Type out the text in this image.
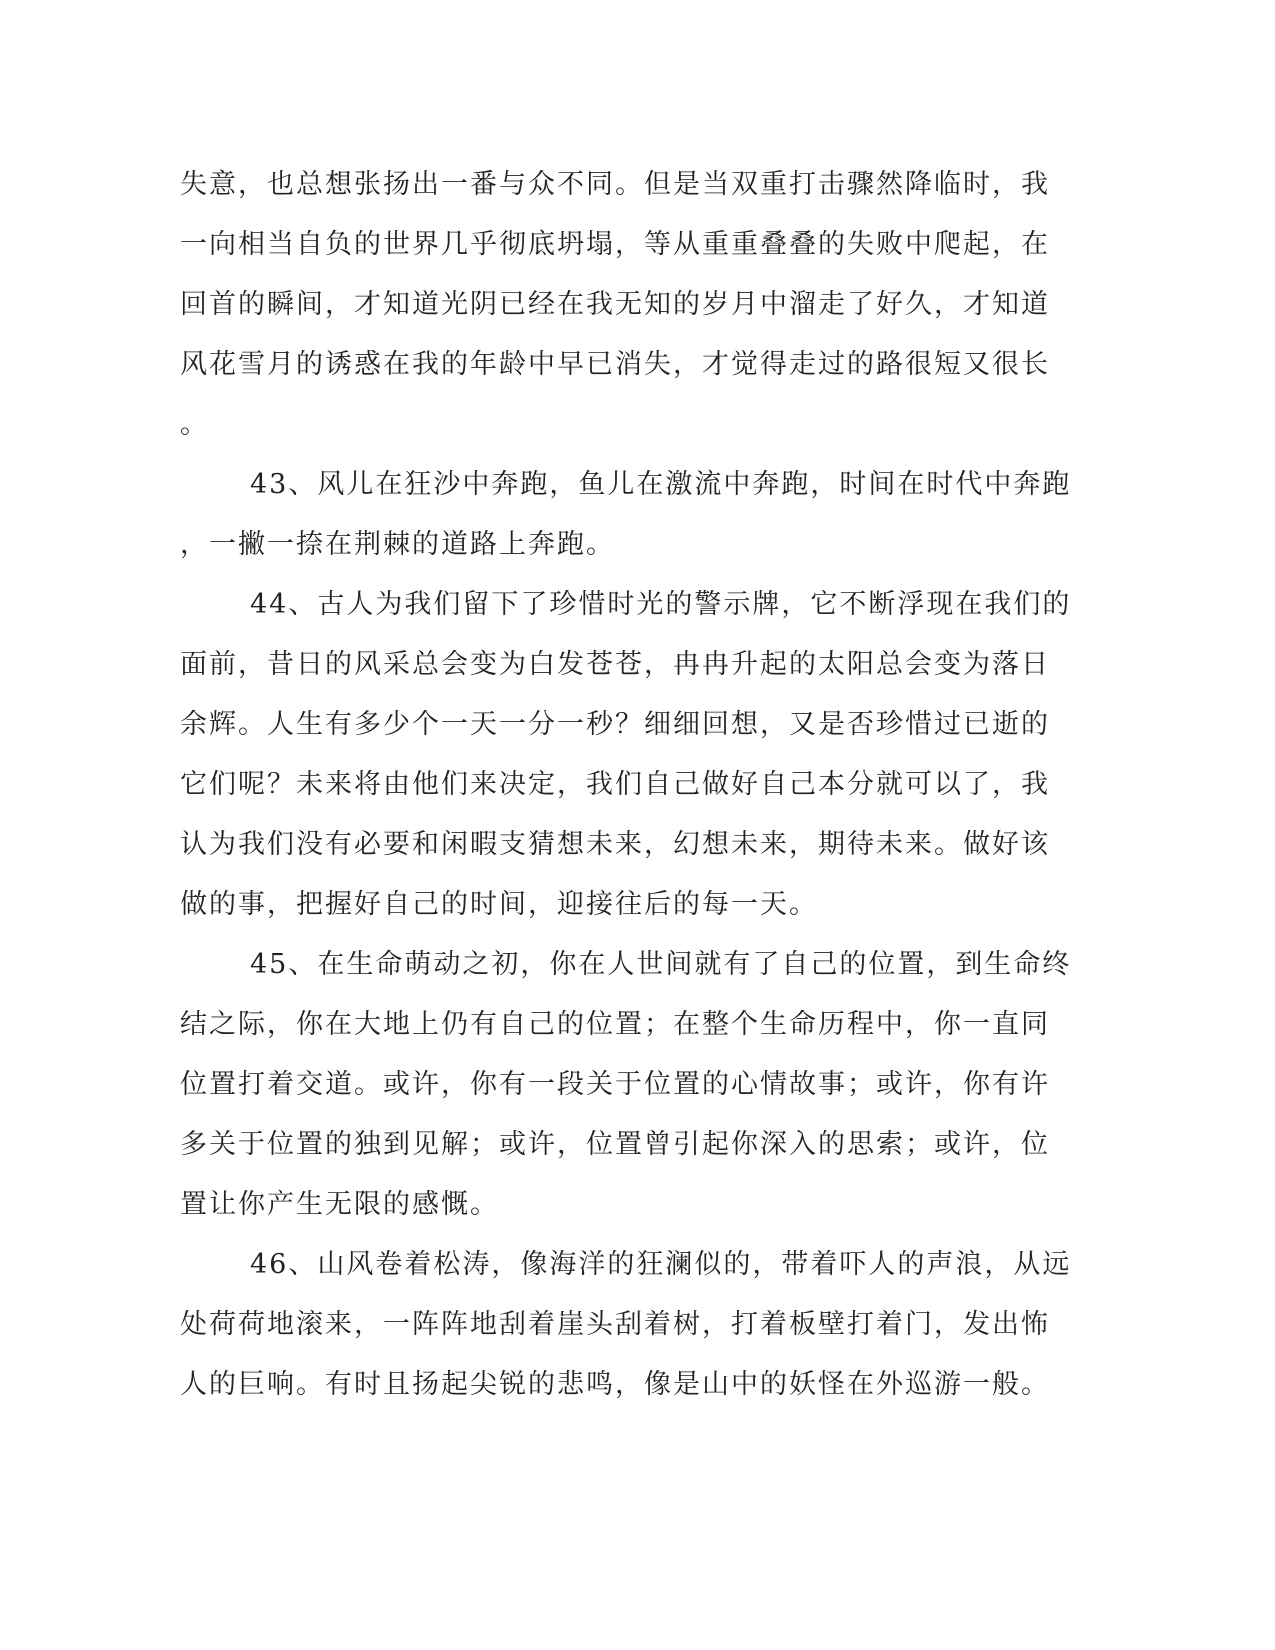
失意，也总想张扬出一番与众不同。但是当双重打击骤然降临时，我
一向相当自负的世界几乎彻底坍塌，等从重重叠叠的失败中爬起，在
回首的瞬间，才知道光阴已经在我无知的岁月中溜走了好久，才知道
风花雪月的诱惑在我的年龄中早已消失，才觉得走过的路很短又很长
。
43、风儿在狂沙中奔跑，鱼儿在激流中奔跑，时间在时代中奔跑
，一撇一捺在荆棘的道路上奔跑。
44、古人为我们留下了珍惜时光的警示牌，它不断浮现在我们的
面前，昔日的风采总会变为白发苍苍，冉冉升起的太阳总会变为落日
余辉。人生有多少个一天一分一秒？细细回想，又是否珍惜过已逝的
它们呢？未来将由他们来决定，我们自己做好自己本分就可以了，我
认为我们没有必要和闲暇支猜想未来，幻想未来，期待未来。做好该
做的事，把握好自己的时间，迎接往后的每一天。
45、在生命萌动之初，你在人世间就有了自己的位置，到生命终
结之际，你在大地上仍有自己的位置；在整个生命历程中，你一直同
位置打着交道。或许，你有一段关于位置的心情故事；或许，你有许
多关于位置的独到见解；或许，位置曾引起你深入的思索；或许，位
置让你产生无限的感慨。
46、山风卷着松涛，像海洋的狂澜似的，带着吓人的声浪，从远
处荷荷地滚来，一阵阵地刮着崖头刮着树，打着板壁打着门，发出怖
人的巨响。有时且扬起尖锐的悲鸣，像是山中的妖怪在外巡游一般。
